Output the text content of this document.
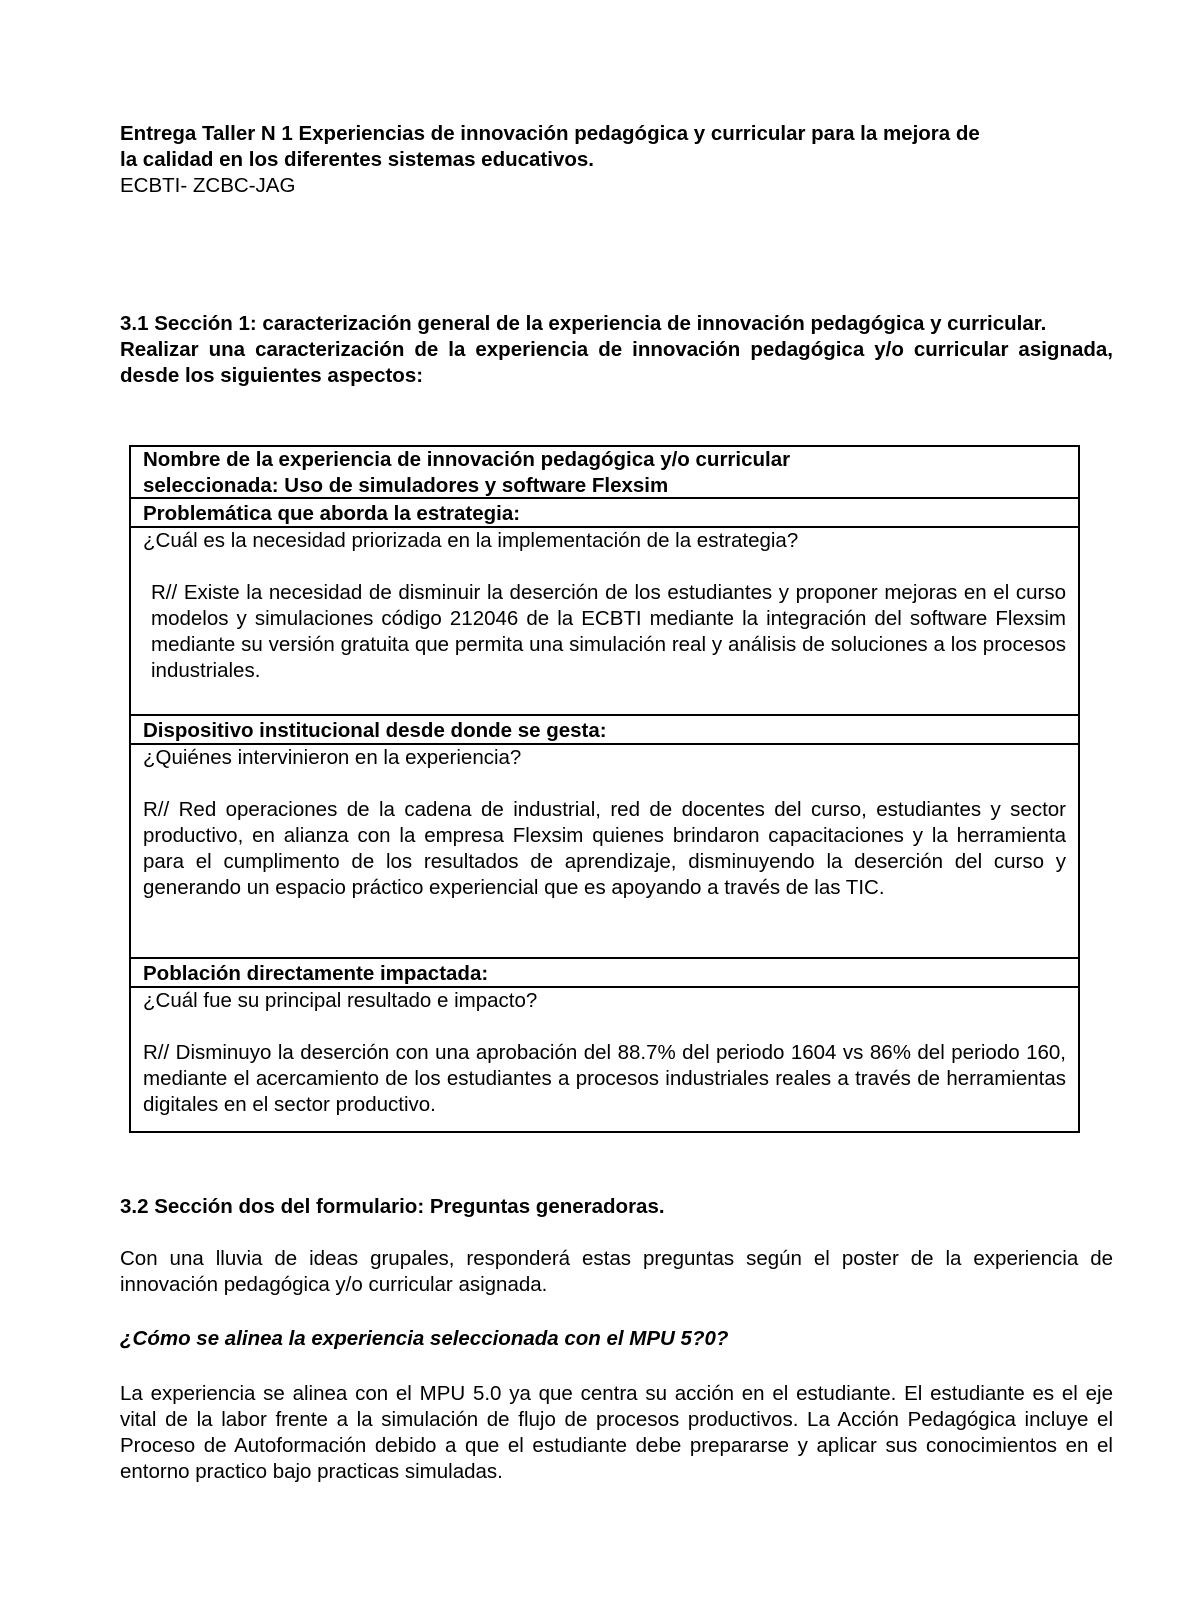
Entrega Taller N 1 Experiencias de innovación pedagógica y curricular para la mejora de

la calidad en los diferentes sistemas educativos.

ECBTI- ZCBC-JAG

3.1 Sección 1: caracterización general de la experiencia de innovación pedagógica y curricular.

Realizar una caracterización de la experiencia de innovación pedagógica y/o curricular asignada, desde los siguientes aspectos:

Nombre de la experiencia de innovación pedagógica y/o curricular
seleccionada: Uso de simuladores y software Flexsim
Problemática que aborda la estrategia:

¿Cuál es la necesidad priorizada en la implementación de la estrategia?

R// Existe la necesidad de disminuir la deserción de los estudiantes y proponer mejoras en el curso modelos y simulaciones código 212046 de la ECBTI mediante la integración del software Flexsim mediante su versión gratuita que permita una simulación real y análisis de soluciones a los procesos industriales.

Dispositivo institucional desde donde se gesta:

¿Quiénes intervinieron en la experiencia?

R// Red operaciones de la cadena de industrial, red de docentes del curso, estudiantes y sector productivo, en alianza con la empresa Flexsim quienes brindaron capacitaciones y la herramienta para el cumplimento de los resultados de aprendizaje, disminuyendo la deserción del curso y generando un espacio práctico experiencial que es apoyando a través de las TIC.

Población directamente impactada:

¿Cuál fue su principal resultado e impacto?

R// Disminuyo la deserción con una aprobación del 88.7% del periodo 1604 vs 86% del periodo 160, mediante el acercamiento de los estudiantes a procesos industriales reales a través de herramientas digitales en el sector productivo.

3.2 Sección dos del formulario: Preguntas generadoras.

Con una lluvia de ideas grupales, responderá estas preguntas según el poster de la experiencia de innovación pedagógica y/o curricular asignada.

¿Cómo se alinea la experiencia seleccionada con el MPU 5?0?

La experiencia se alinea con el MPU 5.0 ya que centra su acción en el estudiante. El estudiante es el eje vital de la labor frente a la simulación de flujo de procesos productivos. La Acción Pedagógica incluye el Proceso de Autoformación debido a que el estudiante debe prepararse y aplicar sus conocimientos en el entorno practico bajo practicas simuladas.
